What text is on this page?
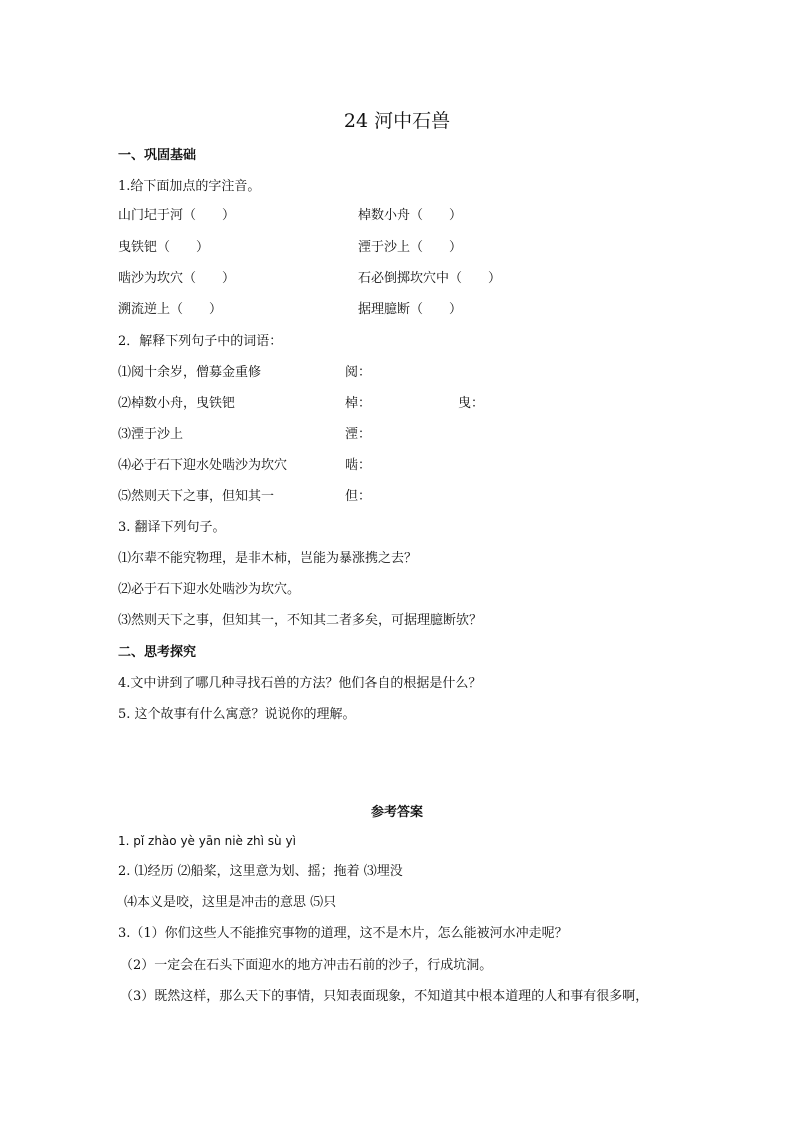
24 河中石兽
一、巩固基础
1.给下面加点的字注音。
山门圮于河（　　）	棹数小舟（　　）
曳铁钯（　　）	湮于沙上（　　）
啮沙为坎穴（　　）	石必倒掷坎穴中（　　）
溯流逆上（　　）	据理臆断（　　）
2．解释下列句子中的词语：
⑴阅十余岁，僧募金重修	阅：
⑵棹数小舟，曳铁钯	棹：	曳：
⑶湮于沙上	湮：
⑷必于石下迎水处啮沙为坎穴	啮：
⑸然则天下之事，但知其一	但：
3. 翻译下列句子。
⑴尔辈不能究物理，是非木柿，岂能为暴涨携之去？
⑵必于石下迎水处啮沙为坎穴。
⑶然则天下之事，但知其一，不知其二者多矣，可据理臆断欤？
二、思考探究
4.文中讲到了哪几种寻找石兽的方法？他们各自的根据是什么？
5. 这个故事有什么寓意？说说你的理解。
参考答案
1. pǐ zhào yè yān niè zhì sù yì
2. ⑴经历 ⑵船桨，这里意为划、摇；拖着 ⑶埋没
⑷本义是咬，这里是冲击的意思 ⑸只
3.（1）你们这些人不能推究事物的道理，这不是木片，怎么能被河水冲走呢？
（2）一定会在石头下面迎水的地方冲击石前的沙子，行成坑洞。
（3）既然这样，那么天下的事情，只知表面现象，不知道其中根本道理的人和事有很多啊，
